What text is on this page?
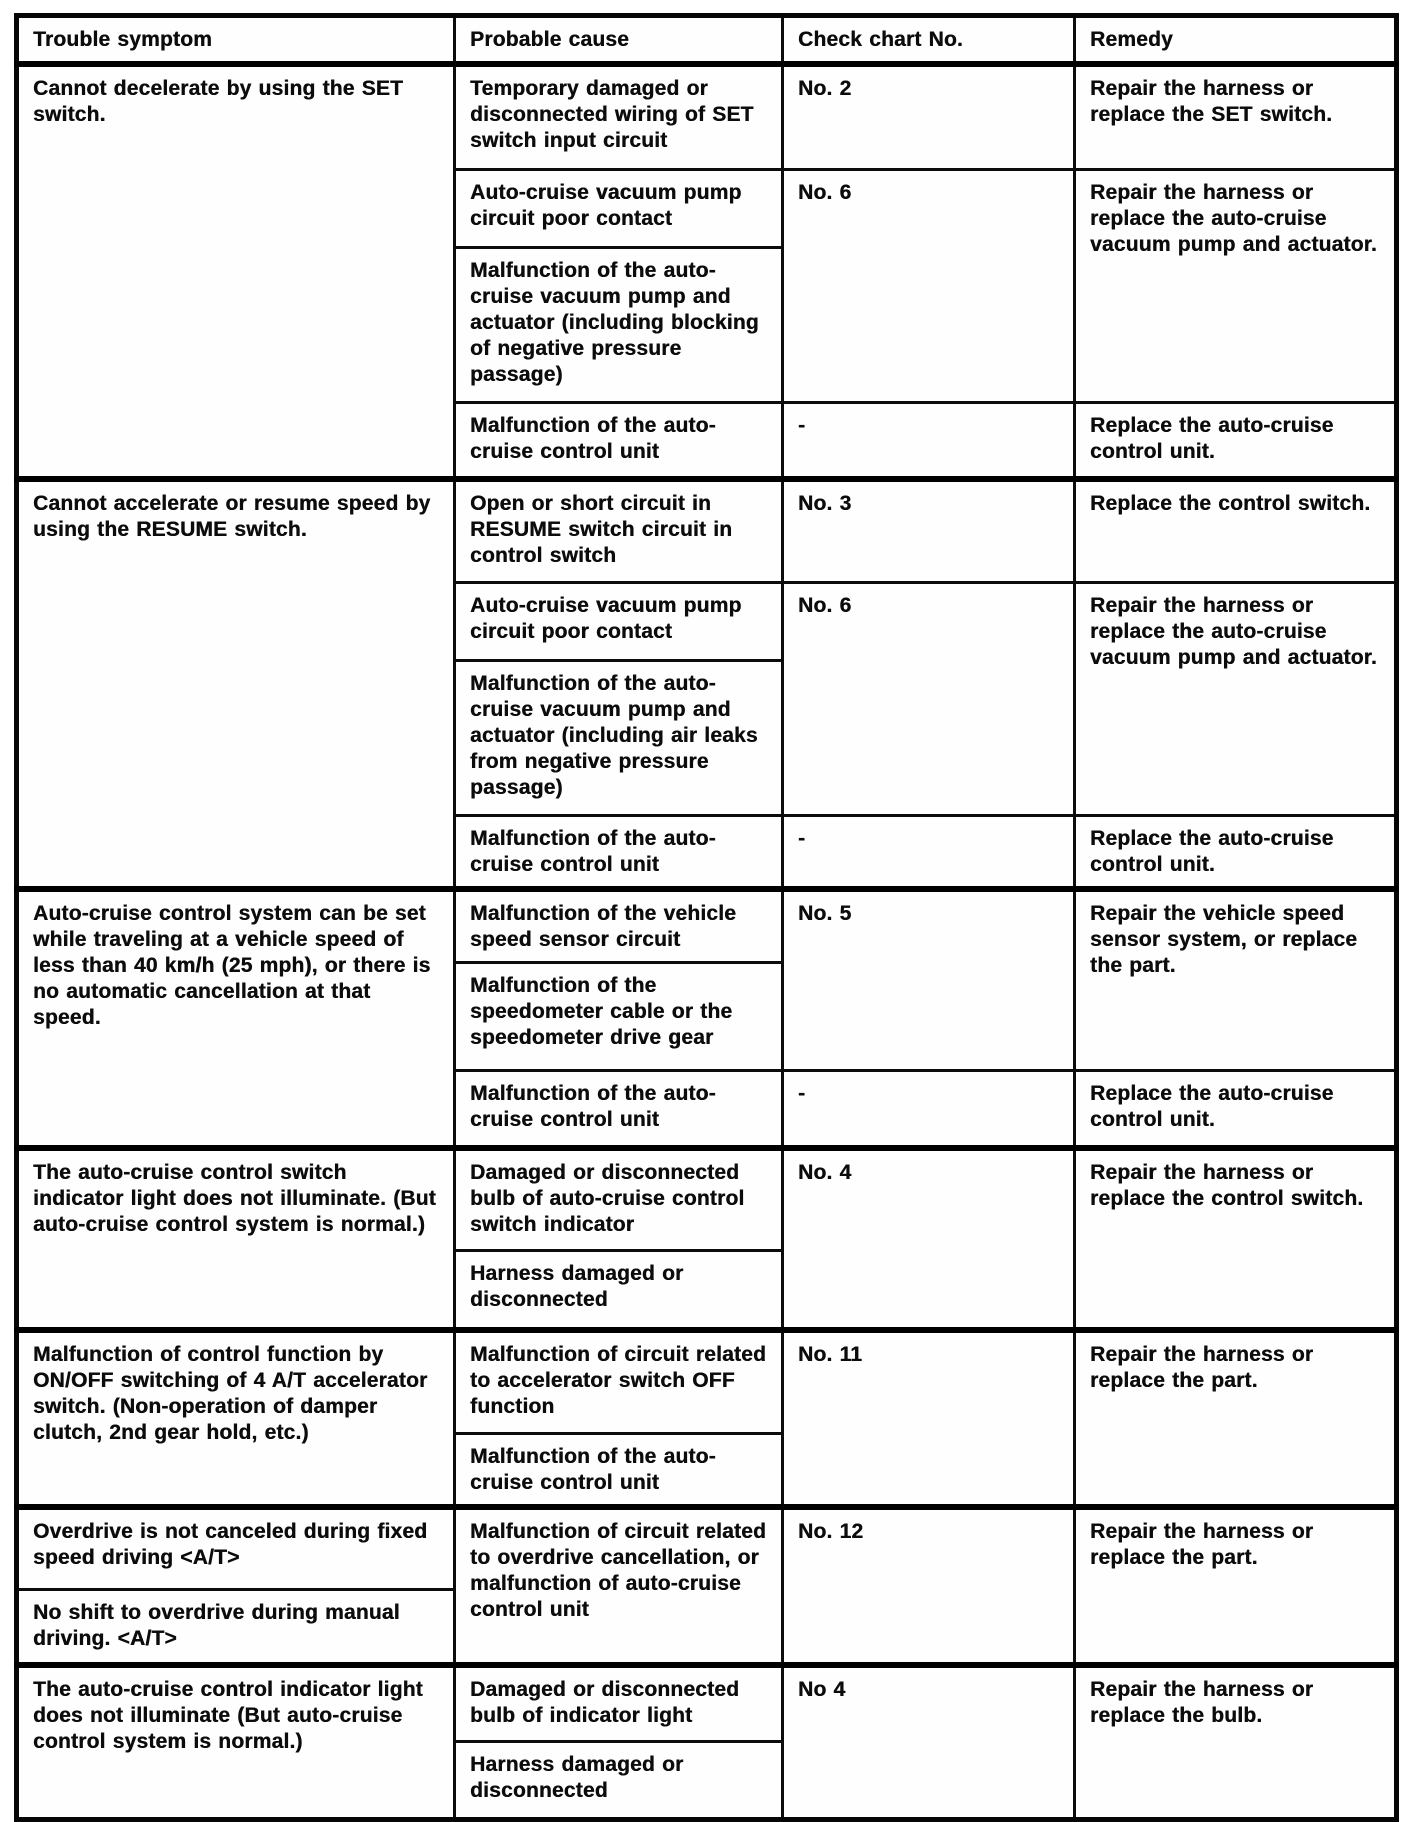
Trouble symptom	Probable cause	Check chart No.	Remedy
Cannot decelerate by using the SET switch.	Temporary damaged or disconnected wiring of SET switch input circuit	No. 2	Repair the harness or replace the SET switch.
	Auto-cruise vacuum pump circuit poor contact	No. 6	Repair the harness or replace the auto-cruise vacuum pump and actuator.
	Malfunction of the auto-cruise vacuum pump and actuator (including blocking of negative pressure passage)		
	Malfunction of the auto-cruise control unit	-	Replace the auto-cruise control unit.
Cannot accelerate or resume speed by using the RESUME switch.	Open or short circuit in RESUME switch circuit in control switch	No. 3	Replace the control switch.
	Auto-cruise vacuum pump circuit poor contact	No. 6	Repair the harness or replace the auto-cruise vacuum pump and actuator.
	Malfunction of the auto-cruise vacuum pump and actuator (including air leaks from negative pressure passage)		
	Malfunction of the auto-cruise control unit	-	Replace the auto-cruise control unit.
Auto-cruise control system can be set while traveling at a vehicle speed of less than 40 km/h (25 mph), or there is no automatic cancellation at that speed.	Malfunction of the vehicle speed sensor circuit	No. 5	Repair the vehicle speed sensor system, or replace the part.
	Malfunction of the speedometer cable or the speedometer drive gear		
	Malfunction of the auto-cruise control unit	-	Replace the auto-cruise control unit.
The auto-cruise control switch indicator light does not illuminate. (But auto-cruise control system is normal.)	Damaged or disconnected bulb of auto-cruise control switch indicator	No. 4	Repair the harness or replace the control switch.
	Harness damaged or disconnected		
Malfunction of control function by ON/OFF switching of 4 A/T accelerator switch. (Non-operation of damper clutch, 2nd gear hold, etc.)	Malfunction of circuit related to accelerator switch OFF function	No. 11	Repair the harness or replace the part.
	Malfunction of the auto-cruise control unit		
Overdrive is not canceled during fixed speed driving <A/T>	Malfunction of circuit related to overdrive cancellation, or malfunction of auto-cruise control unit	No. 12	Repair the harness or replace the part.
No shift to overdrive during manual driving. <A/T>			
The auto-cruise control indicator light does not illuminate (But auto-cruise control system is normal.)	Damaged or disconnected bulb of indicator light	No 4	Repair the harness or replace the bulb.
	Harness damaged or disconnected		
